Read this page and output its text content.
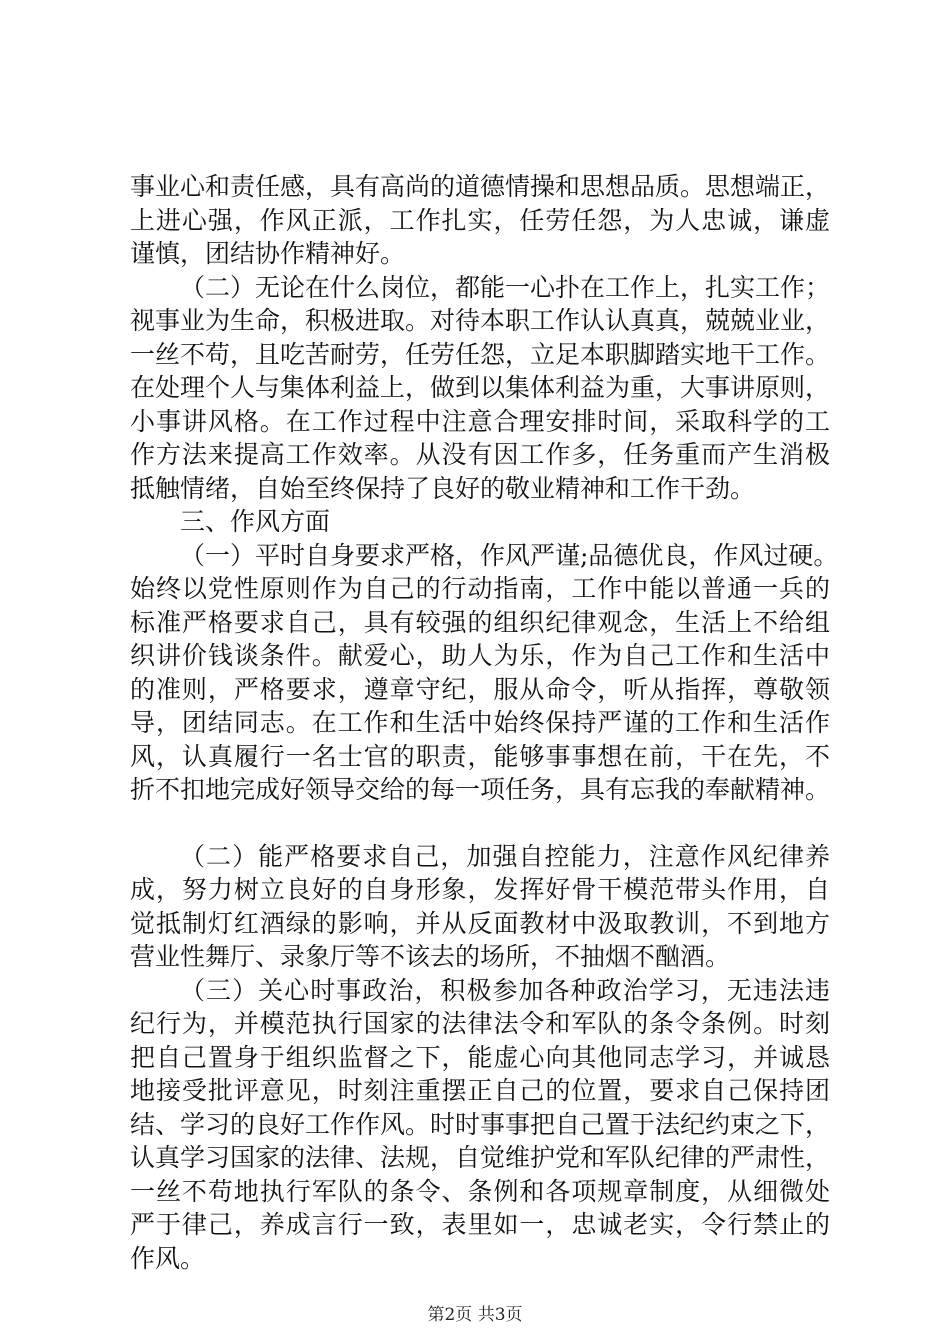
事业心和责任感，具有高尚的道德情操和思想品质。思想端正，
上进心强，作风正派，工作扎实，任劳任怨，为人忠诚，谦虚
谨慎，团结协作精神好。
（二）无论在什么岗位，都能一心扑在工作上，扎实工作；
视事业为生命，积极进取。对待本职工作认认真真，兢兢业业，
一丝不苟，且吃苦耐劳，任劳任怨，立足本职脚踏实地干工作。
在处理个人与集体利益上，做到以集体利益为重，大事讲原则，
小事讲风格。在工作过程中注意合理安排时间，采取科学的工
作方法来提高工作效率。从没有因工作多，任务重而产生消极
抵触情绪，自始至终保持了良好的敬业精神和工作干劲。
三、作风方面
（一）平时自身要求严格，作风严谨;品德优良，作风过硬。
始终以党性原则作为自己的行动指南，工作中能以普通一兵的
标准严格要求自己，具有较强的组织纪律观念，生活上不给组
织讲价钱谈条件。献爱心，助人为乐，作为自己工作和生活中
的准则，严格要求，遵章守纪，服从命令，听从指挥，尊敬领
导，团结同志。在工作和生活中始终保持严谨的工作和生活作
风，认真履行一名士官的职责，能够事事想在前，干在先，不
折不扣地完成好领导交给的每一项任务，具有忘我的奉献精神。
（二）能严格要求自己，加强自控能力，注意作风纪律养
成，努力树立良好的自身形象，发挥好骨干模范带头作用，自
觉抵制灯红酒绿的影响，并从反面教材中汲取教训，不到地方
营业性舞厅、录象厅等不该去的场所，不抽烟不酗酒。
（三）关心时事政治，积极参加各种政治学习，无违法违
纪行为，并模范执行国家的法律法令和军队的条令条例。时刻
把自己置身于组织监督之下，能虚心向其他同志学习，并诚恳
地接受批评意见，时刻注重摆正自己的位置，要求自己保持团
结、学习的良好工作作风。时时事事把自己置于法纪约束之下，
认真学习国家的法律、法规，自觉维护党和军队纪律的严肃性，
一丝不苟地执行军队的条令、条例和各项规章制度，从细微处
严于律己，养成言行一致，表里如一，忠诚老实，令行禁止的
作风。
第2页 共3页
